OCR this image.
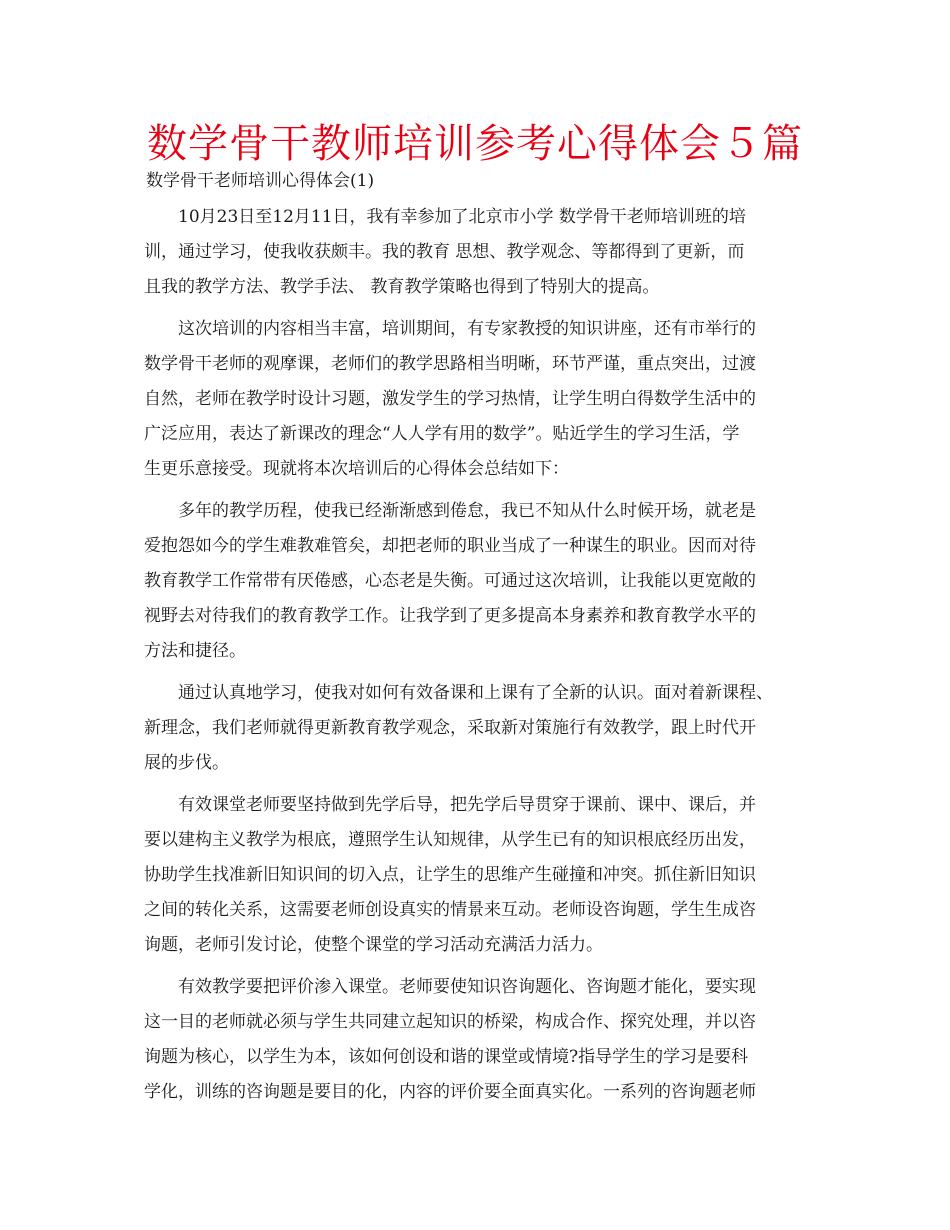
数学骨干教师培训参考心得体会５篇
数学骨干老师培训心得体会(1)
10月23日至12月11日，我有幸参加了北京市小学 数学骨干老师培训班的培
训，通过学习，使我收获颇丰。我的教育 思想、教学观念、等都得到了更新，而
且我的教学方法、教学手法、 教育教学策略也得到了特别大的提高。
这次培训的内容相当丰富，培训期间，有专家教授的知识讲座，还有市举行的
数学骨干老师的观摩课，老师们的教学思路相当明晰，环节严谨，重点突出，过渡
自然，老师在教学时设计习题，激发学生的学习热情，让学生明白得数学生活中的
广泛应用，表达了新课改的理念“人人学有用的数学”。贴近学生的学习生活，学
生更乐意接受。现就将本次培训后的心得体会总结如下：
多年的教学历程，使我已经渐渐感到倦怠，我已不知从什么时候开场，就老是
爱抱怨如今的学生难教难管矣，却把老师的职业当成了一种谋生的职业。因而对待
教育教学工作常带有厌倦感，心态老是失衡。可通过这次培训，让我能以更宽敞的
视野去对待我们的教育教学工作。让我学到了更多提高本身素养和教育教学水平的
方法和捷径。
通过认真地学习，使我对如何有效备课和上课有了全新的认识。面对着新课程、
新理念，我们老师就得更新教育教学观念，采取新对策施行有效教学，跟上时代开
展的步伐。
有效课堂老师要坚持做到先学后导，把先学后导贯穿于课前、课中、课后，并
要以建构主义教学为根底，遵照学生认知规律，从学生已有的知识根底经历出发，
协助学生找准新旧知识间的切入点，让学生的思维产生碰撞和冲突。抓住新旧知识
之间的转化关系，这需要老师创设真实的情景来互动。老师设咨询题，学生生成咨
询题，老师引发讨论，使整个课堂的学习活动充满活力活力。
有效教学要把评价渗入课堂。老师要使知识咨询题化、咨询题才能化，要实现
这一目的老师就必须与学生共同建立起知识的桥梁，构成合作、探究处理，并以咨
询题为核心，以学生为本，该如何创设和谐的课堂或情境?指导学生的学习是要科
学化，训练的咨询题是要目的化，内容的评价要全面真实化。一系列的咨询题老师
